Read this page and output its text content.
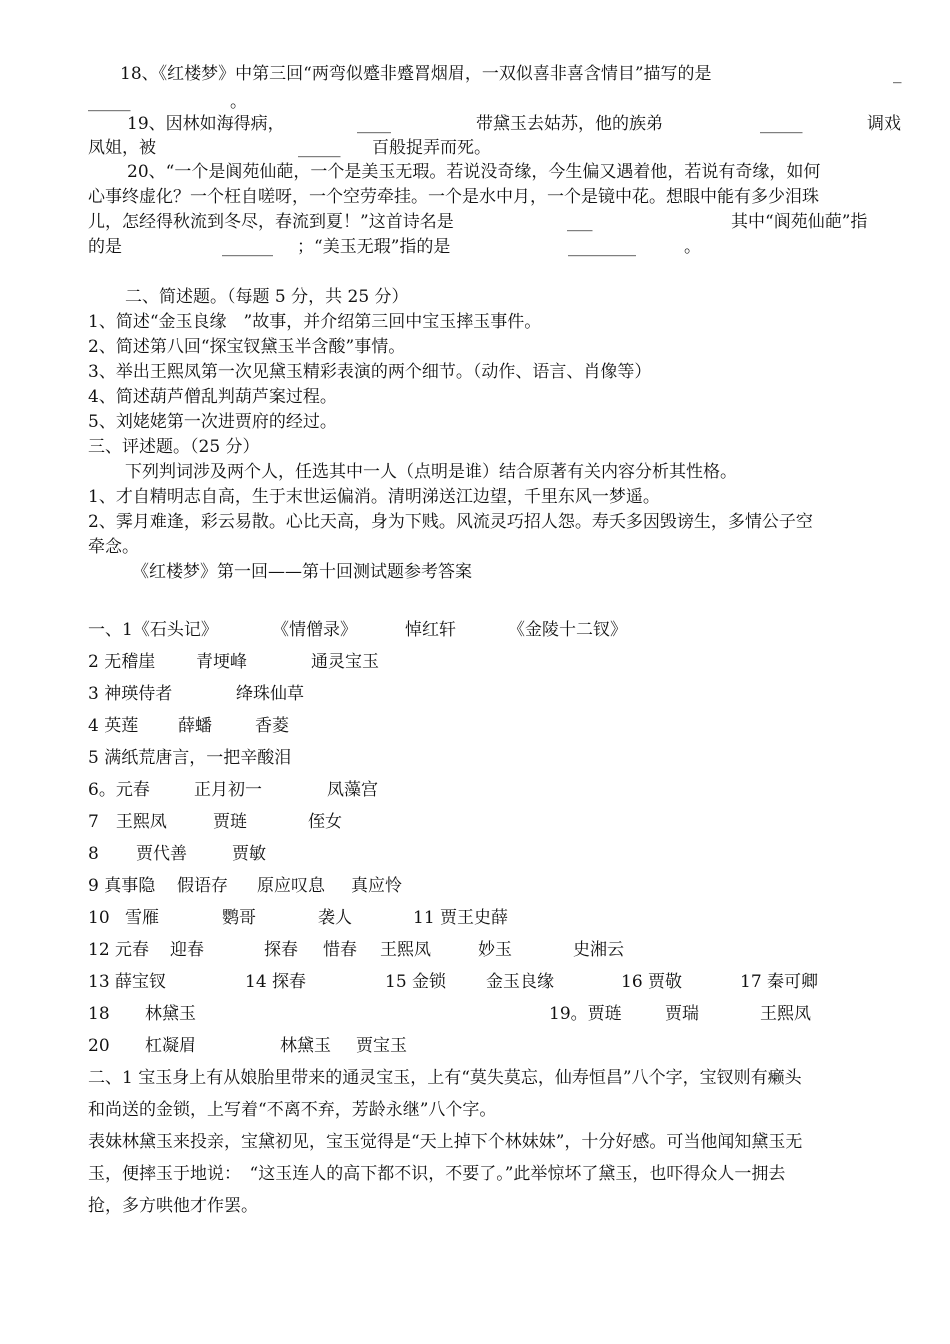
18、《红楼梦》中第三回“两弯似蹙非蹙罥烟眉，一双似喜非喜含情目”描写的是	_
_____	。
19、因林如海得病，	____	带黛玉去姑苏，他的族弟	_____	调戏
凤姐，被	_____ 百般捉弄而死。
20、“一个是阆苑仙葩，一个是美玉无瑕。若说没奇缘，今生偏又遇着他，若说有奇缘，如何
心事终虚化？一个枉自嗟呀，一个空劳牵挂。一个是水中月，一个是镜中花。想眼中能有多少泪珠
儿，怎经得秋流到冬尽，春流到夏！”这首诗名是	___	其中“阆苑仙葩”指
的是	______ ；“美玉无瑕”指的是	________	。
二、简述题。（每题 5 分，共 25 分）
1、简述“金玉良缘　”故事，并介绍第三回中宝玉摔玉事件。
2、简述第八回“探宝钗黛玉半含酸”事情。
3、举出王熙凤第一次见黛玉精彩表演的两个细节。（动作、语言、肖像等）
4、简述葫芦僧乱判葫芦案过程。
5、刘姥姥第一次进贾府的经过。
三、评述题。（25 分）
下列判词涉及两个人，任选其中一人（点明是谁）结合原著有关内容分析其性格。
1、才自精明志自高，生于末世运偏消。清明涕送江边望，千里东风一梦遥。
2、霁月难逢，彩云易散。心比天高，身为下贱。风流灵巧招人怨。寿夭多因毁谤生，多情公子空
牵念。
《红楼梦》第一回——第十回测试题参考答案
一、1《石头记》	《情僧录》	悼红轩	《金陵十二钗》
2 无稽崖 青埂峰	通灵宝玉
3 神瑛侍者	绛珠仙草
4 英莲 薛蟠	香菱
5 满纸荒唐言，一把辛酸泪
6。元春	正月初一	凤藻宫
7　王熙凤	贾琏	侄女
8 贾代善	贾敏
9 真事隐 假语存 原应叹息 真应怜
10 雪雁	鹦哥	袭人	11 贾王史薛
12 元春 迎春	探春 惜春 王熙凤	妙玉	史湘云
13 薛宝钗	14 探春	15 金锁 金玉良缘	16 贾敬	17 秦可卿
18 林黛玉	19。贾琏	贾瑞	王熙凤
20 杠凝眉	林黛玉 贾宝玉
二、1 宝玉身上有从娘胎里带来的通灵宝玉，上有“莫失莫忘，仙寿恒昌”八个字，宝钗则有癞头
和尚送的金锁，上写着“不离不弃，芳龄永继”八个字。
表妹林黛玉来投亲，宝黛初见，宝玉觉得是“天上掉下个林妹妹”，十分好感。可当他闻知黛玉无
玉，便摔玉于地说：　“这玉连人的高下都不识，不要了。”此举惊坏了黛玉，也吓得众人一拥去
抢，多方哄他才作罢。
